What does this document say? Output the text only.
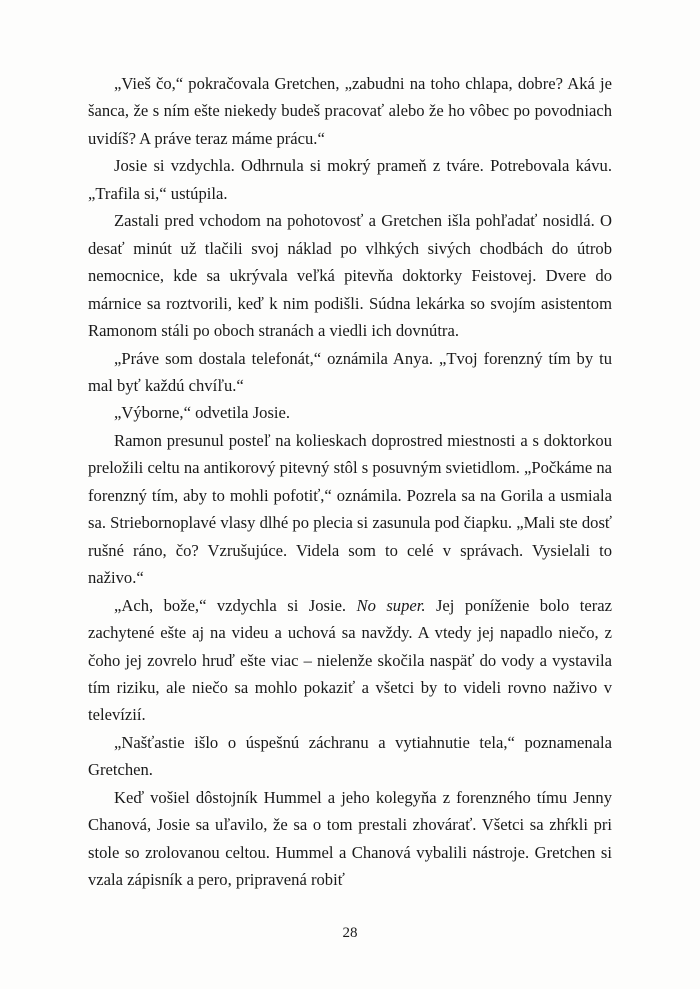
„Vieš čo,“ pokračovala Gretchen, „zabudni na toho chlapa, dobre? Aká je šanca, že s ním ešte niekedy budeš pracovať alebo že ho vôbec po povodniach uvidíš? A práve teraz máme prácu.“

Josie si vzdychla. Odhrnula si mokrý prameň z tváre. Potrebovala kávu. „Trafila si,“ ustúpila.

Zastali pred vchodom na pohotovosť a Gretchen išla pohľadať nosidlá. O desať minút už tlačili svoj náklad po vlhkých sivých chodbách do útrob nemocnice, kde sa ukrývala veľká pitevňa doktorky Feistovej. Dvere do márnice sa roztvorili, keď k nim podišli. Súdna lekárka so svojím asistentom Ramonom stáli po oboch stranách a viedli ich dovnútra.

„Práve som dostala telefonát,“ oznámila Anya. „Tvoj forenzný tím by tu mal byť každú chvíľu.“

„Výborne,“ odvetila Josie.

Ramon presunul posteľ na kolieskach doprostred miestnosti a s doktorkou preložili celtu na antikorový pitevný stôl s posuvným svietidlom. „Počkáme na forenzný tím, aby to mohli pofotiť,“ oznámila. Pozrela sa na Gorila a usmiala sa. Striebornoplavé vlasy dlhé po plecia si zasunula pod čiapku. „Mali ste dosť rušné ráno, čo? Vzrušujúce. Videla som to celé v správach. Vysielali to naživo.“

„Ach, bože,“ vzdychla si Josie. No super. Jej poníženie bolo teraz zachytené ešte aj na videu a uchová sa navždy. A vtedy jej napadlo niečo, z čoho jej zovrelo hruď ešte viac – nielenže skočila naspäť do vody a vystavila tím riziku, ale niečo sa mohlo pokaziť a všetci by to videli rovno naživo v televízií.

„Našťastie išlo o úspešnú záchranu a vytiahnutie tela,“ poznamenala Gretchen.

Keď vošiel dôstojník Hummel a jeho kolegyňa z forenzného tímu Jenny Chanová, Josie sa uľavilo, že sa o tom prestali zhovárať. Všetci sa zhŕkli pri stole so zrolovanou celtou. Hummel a Chanová vybalili nástroje. Gretchen si vzala zápisník a pero, pripravená robiť

28
